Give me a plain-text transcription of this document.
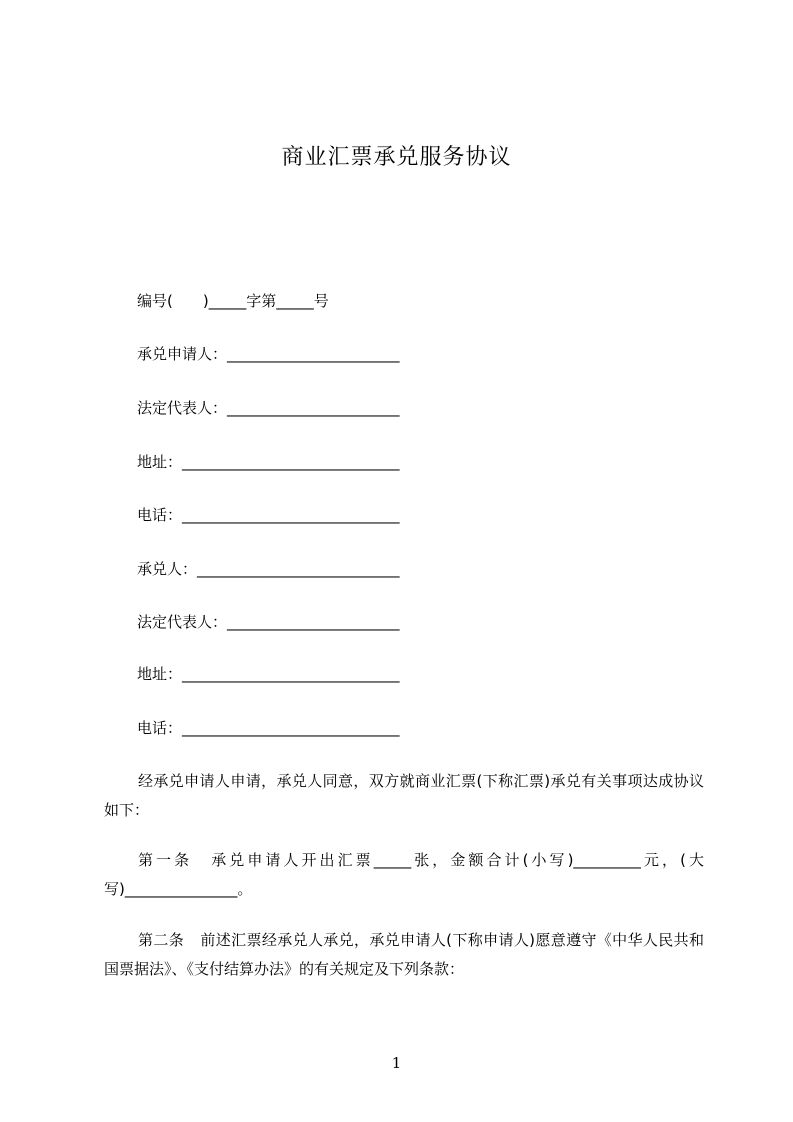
商业汇票承兑服务协议
编号(　　)_____字第_____号
承兑申请人：_______________________
法定代表人：_______________________
地址：_____________________________
电话：_____________________________
承兑人：___________________________
法定代表人：_______________________
地址：_____________________________
电话：_____________________________
经承兑申请人申请，承兑人同意，双方就商业汇票(下称汇票)承兑有关事项达成协议如下：
第一条 承兑申请人开出汇票_____张，金额合计(小写)_________元，(大写)_______________。
第二条 前述汇票经承兑人承兑，承兑申请人(下称申请人)愿意遵守《中华人民共和国票据法》、《支付结算办法》的有关规定及下列条款：
1
